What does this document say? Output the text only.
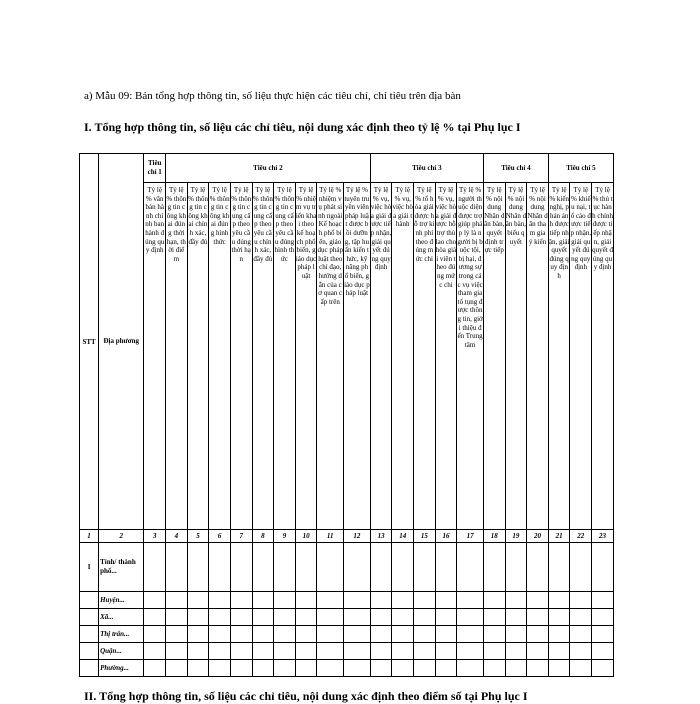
a) Mẫu 09: Bản tổng hợp thông tin, số liệu thực hiện các tiêu chí, chỉ tiêu trên địa bàn
I. Tổng hợp thông tin, số liệu các chỉ tiêu, nội dung xác định theo tỷ lệ % tại Phụ lục I
STT	Địa phương	Tiêu chí 1	Tiêu chí 2									Tiêu chí 3					Tiêu chí 4			Tiêu chí 5		

		Tỷ lệ % văn bản hành chính ban hành đúng quy định	Tỷ lệ % thông tin công khai đúng thời hạn, thời điểm	Tỷ lệ % thông tin công khai chính xác, đầy đủ	Tỷ lệ % thông tin công khai đúng hình thức	Tỷ lệ % thông tin cung cấp theo yêu cầu đúng thời hạn	Tỷ lệ % thông tin cung cấp theo yêu cầu chính xác, đầy đủ	Tỷ lệ % thông tin cung cấp theo yêu cầu đúng hình thức	Tỷ lệ % nhiệm vụ triển khai theo kế hoạch phổ biến, giáo dục pháp luật	Tỷ lệ % nhiệm vụ phát sinh ngoài Kế hoạch phổ biến, giáo dục pháp luật theo chỉ đạo, hướng dẫn của cơ quan cấp trên	Tỷ lệ % tuyên truyền viên pháp luật được bồi dưỡng, tập huấn kiến thức, kỹ năng phổ biến, giáo dục pháp luật	Tỷ lệ % vụ, việc hòa giải được tiếp nhận, giải quyết đúng quy định	Tỷ lệ % vụ, việc hòa giải thành	Tỷ lệ % tổ hòa giải được hỗ trợ kinh phí theo đúng mức chi	Tỷ lệ % vụ, việc hòa giải được hỗ trợ thù lao cho hòa giải viên theo đúng mức chi	Tỷ lệ % người thuộc diện được trợ giúp pháp lý là người bị buộc tội, bị hại, đương sự trong các vụ việc tham gia tố tụng được thông tin, giới thiệu đến Trung tâm	Tỷ lệ % nội dung Nhân dân bàn, quyết định trực tiếp	Tỷ lệ % nội dung Nhân dân bàn, biểu quyết	Tỷ lệ % nội dung Nhân dân tham gia ý kiến	Tỷ lệ % kiến nghị, phản ánh được tiếp nhận, giải quyết đúng quy định	Tỷ lệ % khiếu nại, tố cáo được tiếp nhận, giải quyết đúng quy định	Tỷ lệ % thủ tục hành chính được tiếp nhận, giải quyết đúng quy định

1	2	3	4	5	6	7	8	9	10	11	12	13	14	15	16	17	18	19	20	21	22	23
I	Tỉnh/ thành phố...																					
	Huyện...																					
	Xã...																					
	Thị trấn...																					
	Quận...																					
	Phường...																					
II. Tổng hợp thông tin, số liệu các chỉ tiêu, nội dung xác định theo điểm số tại Phụ lục I
